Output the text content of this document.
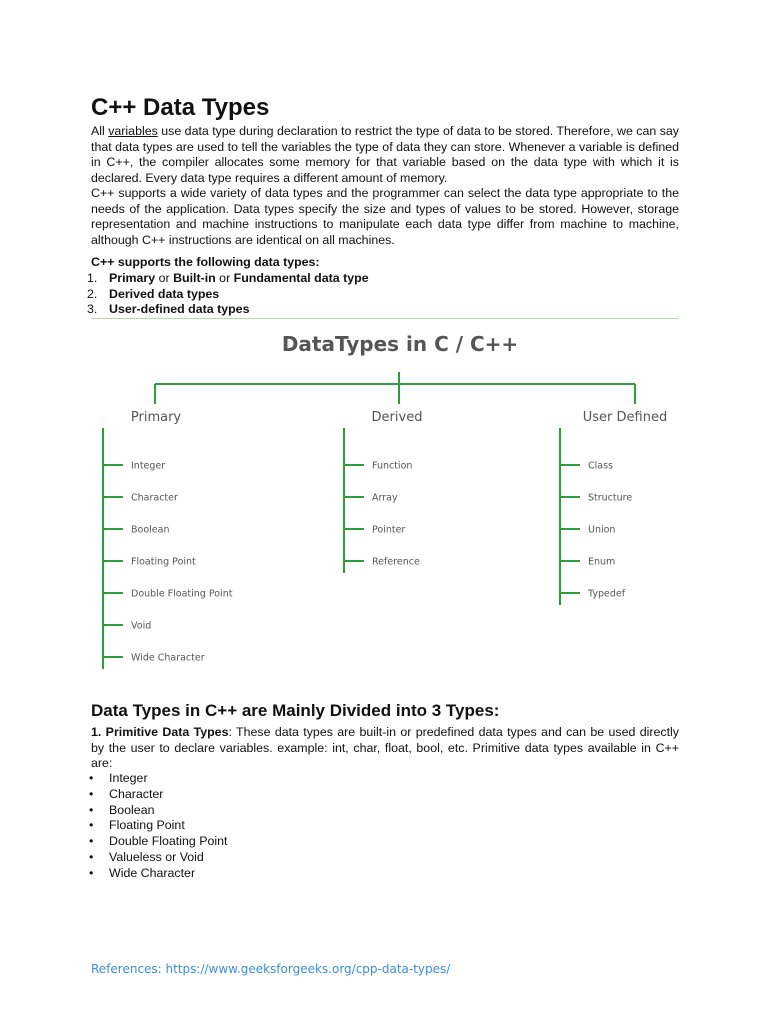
C++ Data Types

All variables use data type during declaration to restrict the type of data to be stored. Therefore, we can say that data types are used to tell the variables the type of data they can store. Whenever a variable is defined in C++, the compiler allocates some memory for that variable based on the data type with which it is declared. Every data type requires a different amount of memory.

C++ supports a wide variety of data types and the programmer can select the data type appropriate to the needs of the application. Data types specify the size and types of values to be stored. However, storage representation and machine instructions to manipulate each data type differ from machine to machine, although C++ instructions are identical on all machines.

C++ supports the following data types:
1. Primary or Built-in or Fundamental data type
2. Derived data types
3. User-defined data types
Data Types in C++ are Mainly Divided into 3 Types:

1. Primitive Data Types: These data types are built-in or predefined data types and can be used directly by the user to declare variables. example: int, char, float, bool, etc. Primitive data types available in C++ are:

• Integer
• Character
• Boolean
• Floating Point
• Double Floating Point
• Valueless or Void
• Wide Character
References: https://www.geeksforgeeks.org/cpp-data-types/
DataTypes in C / C++
Primary	Derived	User Defined
Integer
Character
Boolean
Floating Point
Double Floating Point
Void
Wide Character
Function
Array
Pointer
Reference
Class
Structure
Union
Enum
Typedef
